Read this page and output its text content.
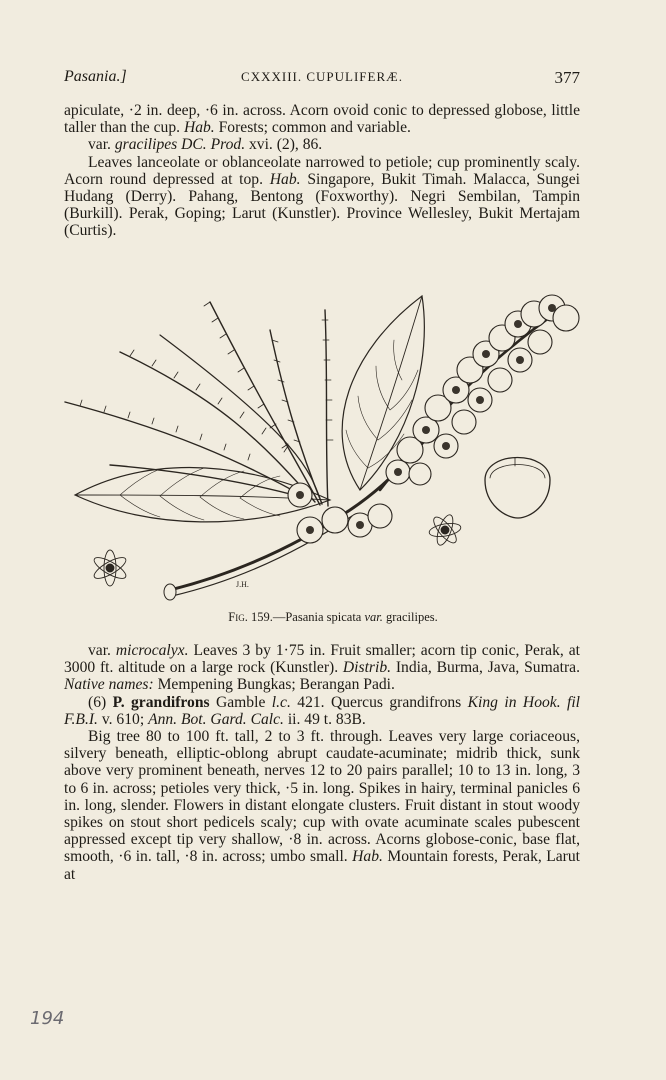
Pasania.]	CXXXIII. CUPULIFERÆ.	377

apiculate, ·2 in. deep, ·6 in. across. Acorn ovoid conic to depressed globose, little taller than the cup. Hab. Forests; common and variable.

var. gracilipes DC. Prod. xvi. (2), 86.

Leaves lanceolate or oblanceolate narrowed to petiole; cup prominently scaly. Acorn round depressed at top. Hab. Singapore, Bukit Timah. Malacca, Sungei Hudang (Derry). Pahang, Bentong (Foxworthy). Negri Sembilan, Tampin (Burkill). Perak, Goping; Larut (Kunstler). Province Wellesley, Bukit Mertajam (Curtis).

J.H.
Fig. 159.—Pasania spicata var. gracilipes.

var. microcalyx. Leaves 3 by 1·75 in. Fruit smaller; acorn tip conic, Perak, at 3000 ft. altitude on a large rock (Kunstler). Distrib. India, Burma, Java, Sumatra. Native names: Mempening Bungkas; Berangan Padi.

(6) P. grandifrons Gamble l.c. 421. Quercus grandifrons King in Hook. fil F.B.I. v. 610; Ann. Bot. Gard. Calc. ii. 49 t. 83B.

Big tree 80 to 100 ft. tall, 2 to 3 ft. through. Leaves very large coriaceous, silvery beneath, elliptic-oblong abrupt caudate-acuminate; midrib thick, sunk above very prominent beneath, nerves 12 to 20 pairs parallel; 10 to 13 in. long, 3 to 6 in. across; petioles very thick, ·5 in. long. Spikes in hairy, terminal panicles 6 in. long, slender. Flowers in distant elongate clusters. Fruit distant in stout woody spikes on stout short pedicels scaly; cup with ovate acuminate scales pubescent appressed except tip very shallow, ·8 in. across. Acorns globose-conic, base flat, smooth, ·6 in. tall, ·8 in. across; umbo small. Hab. Mountain forests, Perak, Larut at

194
